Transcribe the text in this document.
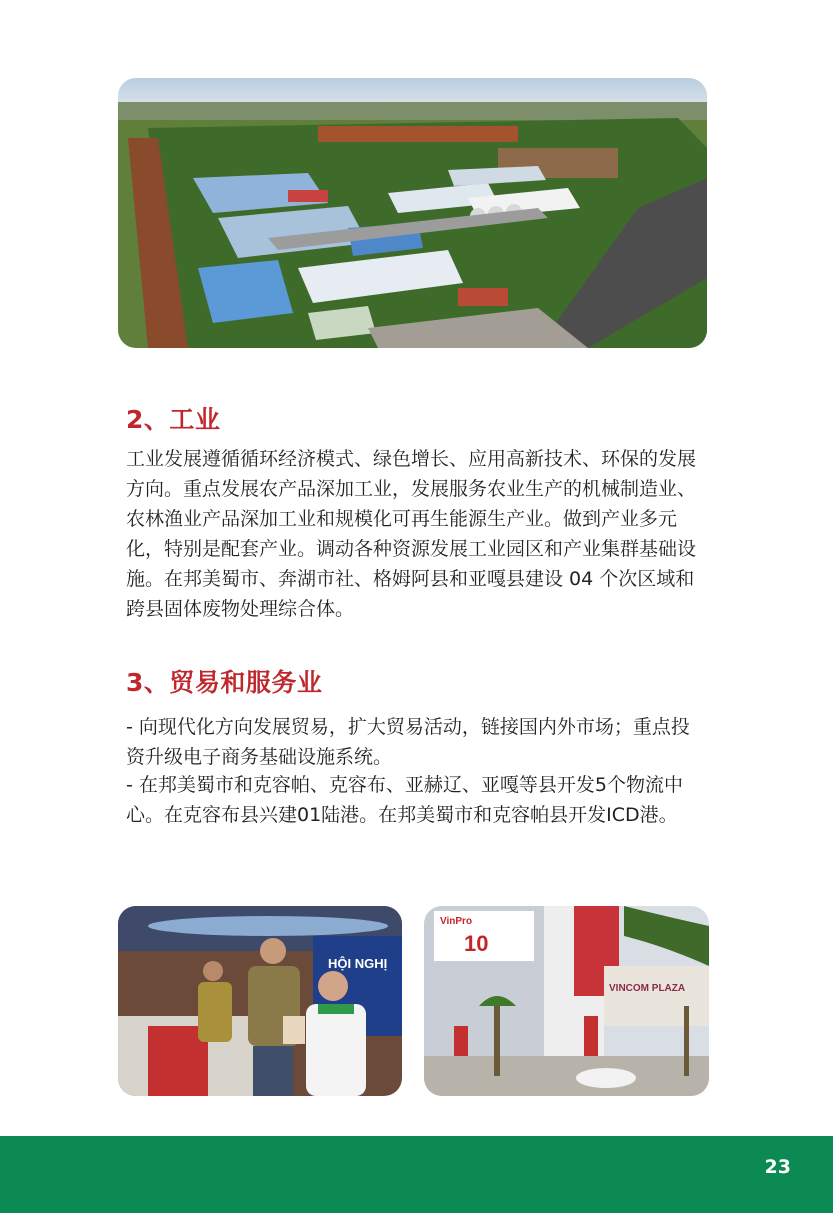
2、工业

工业发展遵循循环经济模式、绿色增长、应用高新技术、环保的发展方向。重点发展农产品深加工业，发展服务农业生产的机械制造业、农林渔业产品深加工业和规模化可再生能源生产业。做到产业多元化，特别是配套产业。调动各种资源发展工业园区和产业集群基础设施。在邦美蜀市、奔湖市社、格姆阿县和亚嘎县建设 04 个次区域和跨县固体废物处理综合体。

3、贸易和服务业

- 向现代化方向发展贸易，扩大贸易活动，链接国内外市场；重点投资升级电子商务基础设施系统。

- 在邦美蜀市和克容帕、克容布、亚赫辽、亚嘎等县开发5个物流中心。在克容布县兴建01陆港。在邦美蜀市和克容帕县开发ICD港。

HỘI NGHỊ
VinPro
10
VINCOM PLAZA
23
